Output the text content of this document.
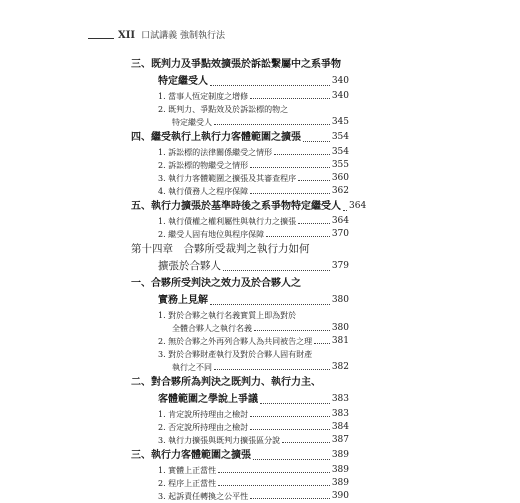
XII 口試講義 強制執行法
三、既判力及爭點效擴張於訴訟繫屬中之系爭物
特定繼受人	340
1. 當事人恆定制度之增修	340
2. 既判力、爭點效及於訴訟標的物之
特定繼受人	345
四、繼受執行上執行力客體範圍之擴張	354
1. 訴訟標的法律關係繼受之情形	354
2. 訴訟標的物繼受之情形	355
3. 執行力客體範圍之擴張及其審查程序	360
4. 執行債務人之程序保障	362
五、執行力擴張於基準時後之系爭物特定繼受人 364
1. 執行債權之權利屬性與執行力之擴張	364
2. 繼受人固有地位與程序保障	370
第十四章　合夥所受裁判之執行力如何
擴張於合夥人	379
一、合夥所受判決之效力及於合夥人之
實務上見解	380
1. 對於合夥之執行名義實質上即為對於
全體合夥人之執行名義	380
2. 無於合夥之外再列合夥人為共同被告之理 381
3. 對於合夥財產執行及對於合夥人固有財產
執行之不同	382
二、對合夥所為判決之既判力、執行力主、
客體範圍之學說上爭議	383
1. 肯定說所持理由之檢討	383
2. 否定說所持理由之檢討	384
3. 執行力擴張與既判力擴張區分說	387
三、執行力客體範圍之擴張	389
1. 實體上正當性	389
2. 程序上正當性	389
3. 起訴責任轉換之公平性	390
